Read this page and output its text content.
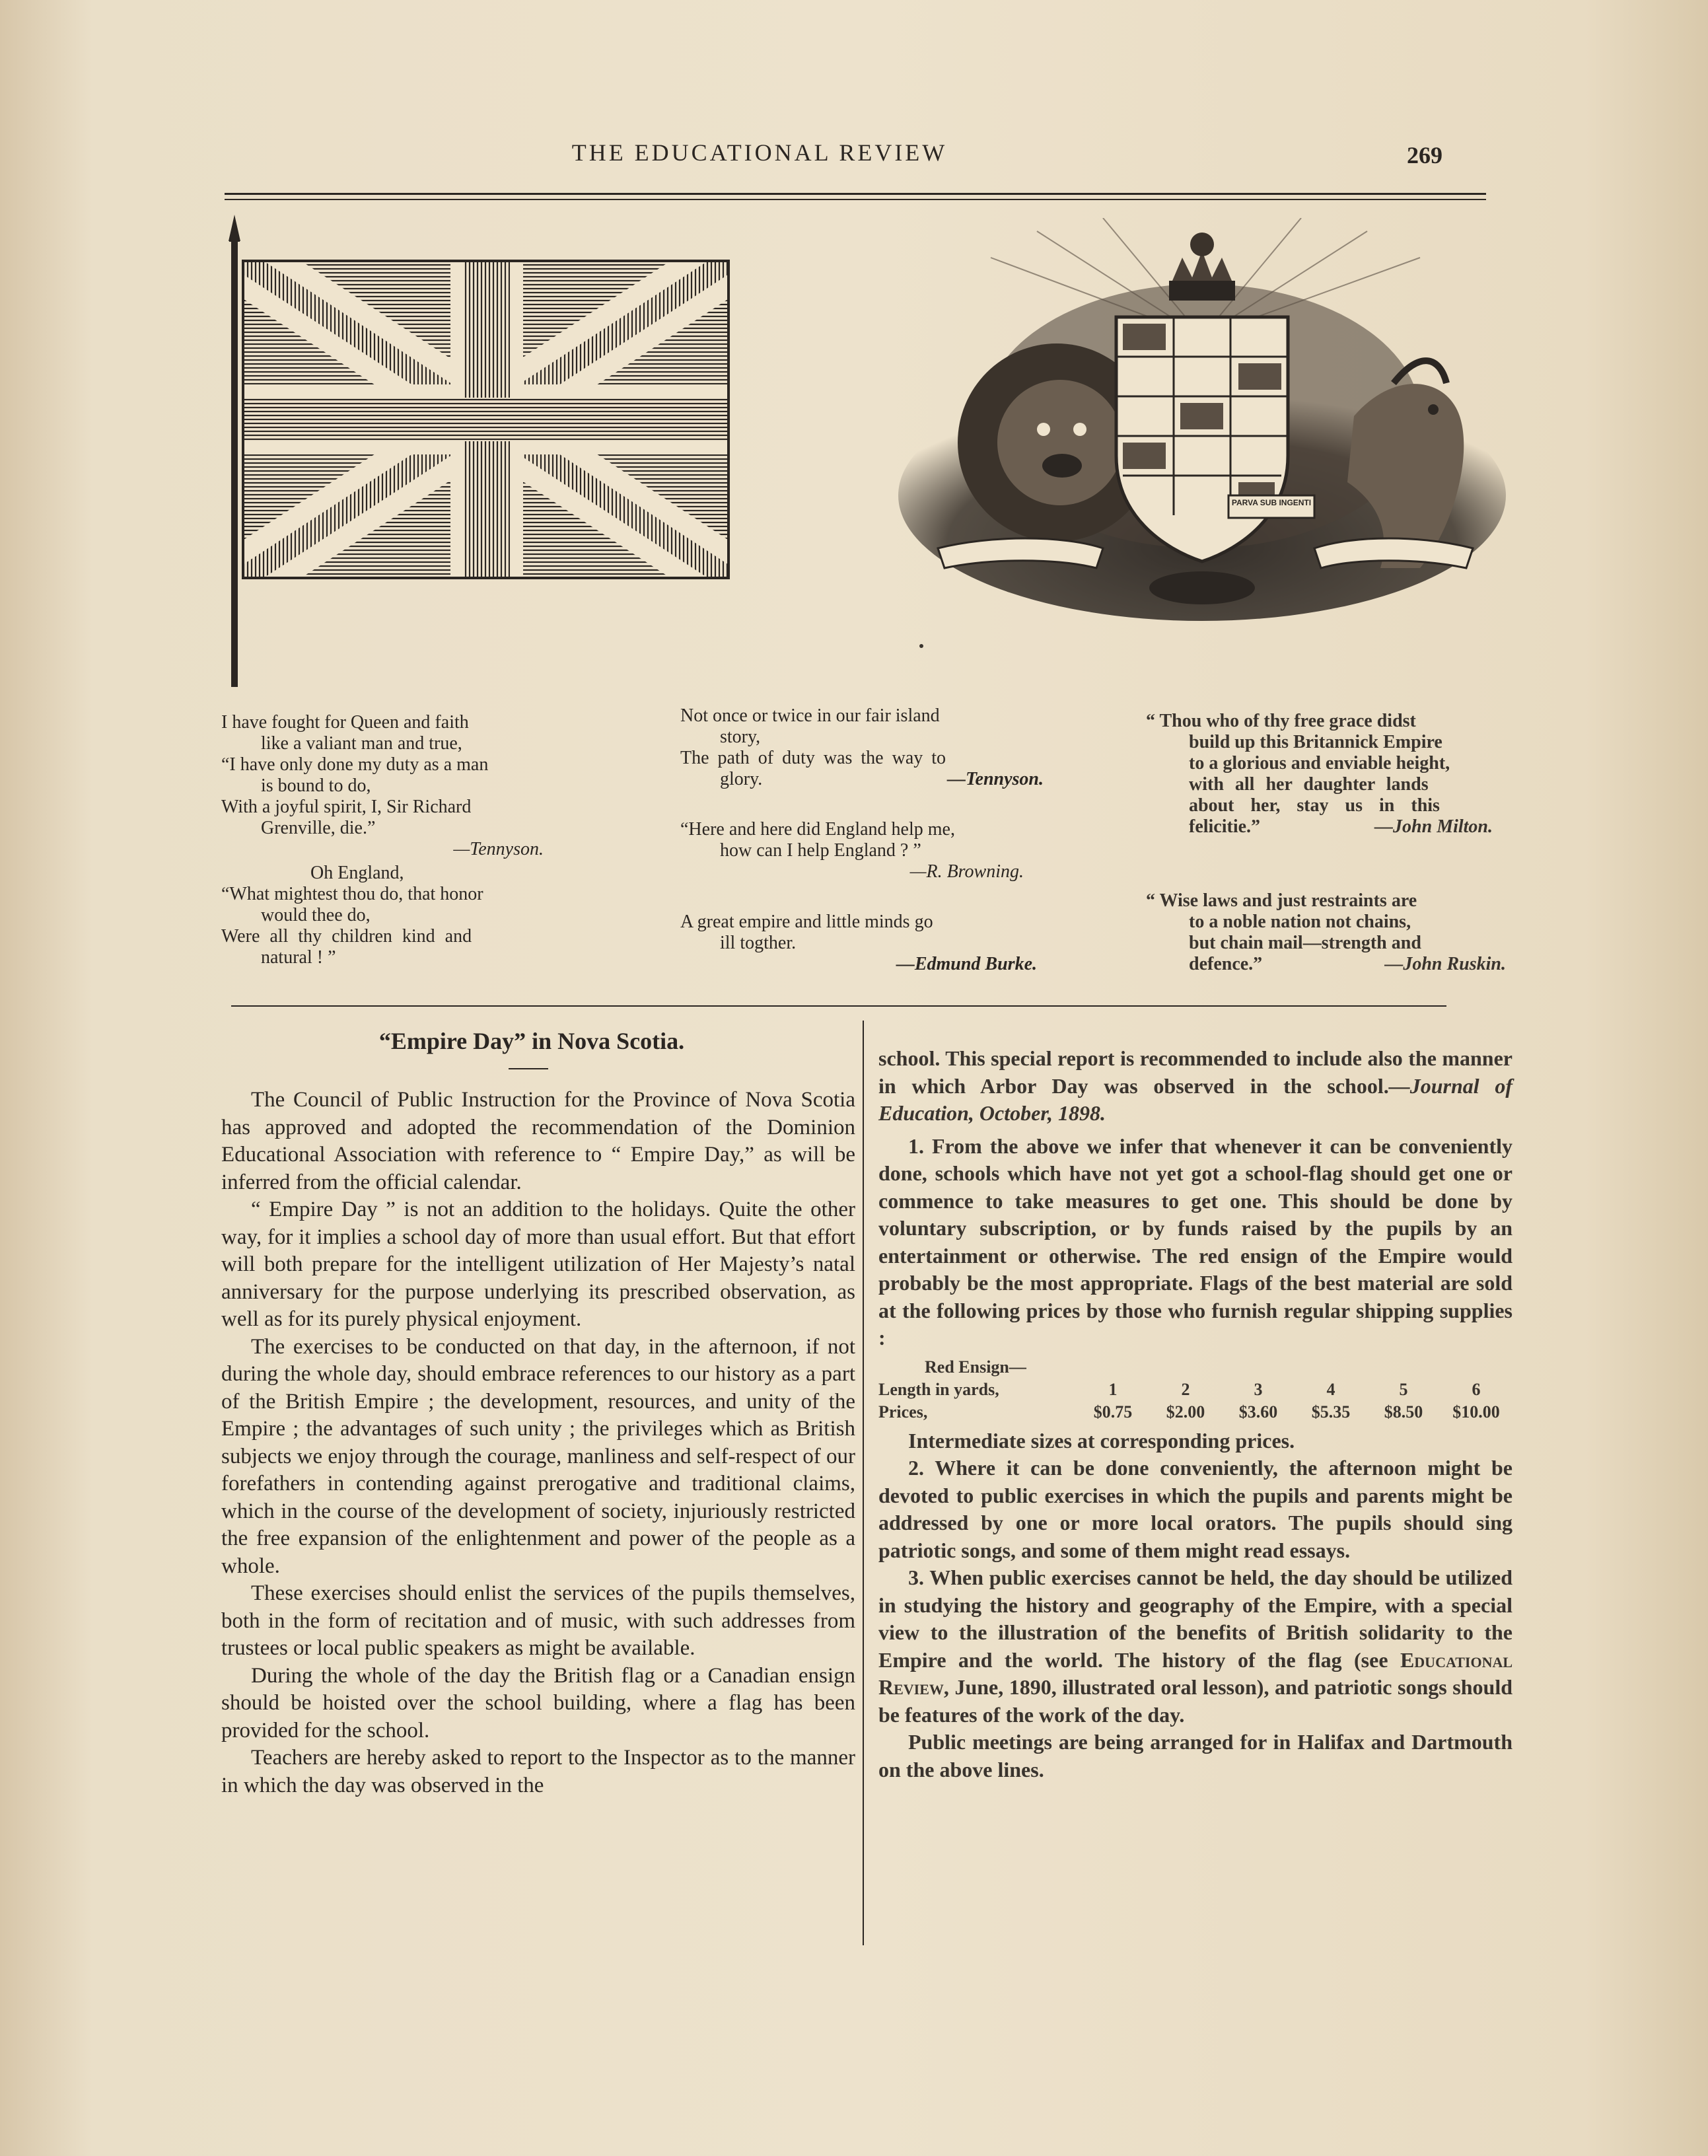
THE EDUCATIONAL REVIEW	269
PARVA SUB INGENTI
I have fought for Queen and faith
like a valiant man and true,
“I have only done my duty as a man
is bound to do,
With a joyful spirit, I, Sir Richard
Grenville, die.”
—Tennyson.
Oh England,
“What mightest thou do, that honor
would thee do,
Were all thy children kind and
natural ! ”
Not once or twice in our fair island
story,
The path of duty was the way to
glory.	—Tennyson.
“Here and here did England help me,
how can I help England ? ”
—R. Browning.
A great empire and little minds go
ill togther.
—Edmund Burke.
“ Thou who of thy free grace didst
build up this Britannick Empire
to a glorious and enviable height,
with all her daughter lands
about her, stay us in this
felicitie.”	—John Milton.
“ Wise laws and just restraints are
to a noble nation not chains,
but chain mail—strength and
defence.”	—John Ruskin.
“Empire Day” in Nova Scotia.

The Council of Public Instruction for the Province of Nova Scotia has approved and adopted the recommendation of the Dominion Educational Association with reference to “ Empire Day,” as will be inferred from the official calendar.

“ Empire Day ” is not an addition to the holidays. Quite the other way, for it implies a school day of more than usual effort. But that effort will both prepare for the intelligent utilization of Her Majesty’s natal anniversary for the purpose underlying its prescribed observation, as well as for its purely physical enjoyment.

The exercises to be conducted on that day, in the afternoon, if not during the whole day, should embrace references to our history as a part of the British Empire ; the development, resources, and unity of the Empire ; the advantages of such unity ; the privileges which as British subjects we enjoy through the courage, manliness and self-respect of our forefathers in contending against prerogative and traditional claims, which in the course of the development of society, injuriously restricted the free expansion of the enlightenment and power of the people as a whole.

These exercises should enlist the services of the pupils themselves, both in the form of recitation and of music, with such addresses from trustees or local public speakers as might be available.

During the whole of the day the British flag or a Canadian ensign should be hoisted over the school building, where a flag has been provided for the school.

Teachers are hereby asked to report to the Inspector as to the manner in which the day was observed in the

school. This special report is recommended to include also the manner in which Arbor Day was observed in the school.—Journal of Education, October, 1898.

1. From the above we infer that whenever it can be conveniently done, schools which have not yet got a school-flag should get one or commence to take measures to get one. This should be done by voluntary subscription, or by funds raised by the pupils by an entertainment or otherwise. The red ensign of the Empire would probably be the most appropriate. Flags of the best material are sold at the following prices by those who furnish regular shipping supplies :

Red Ensign—
Length in yards,	1	2	3	4	5	6
Prices,	$0.75	$2.00	$3.60	$5.35	$8.50	$10.00

Intermediate sizes at corresponding prices.

2. Where it can be done conveniently, the afternoon might be devoted to public exercises in which the pupils and parents might be addressed by one or more local orators. The pupils should sing patriotic songs, and some of them might read essays.

3. When public exercises cannot be held, the day should be utilized in studying the history and geography of the Empire, with a special view to the illustration of the benefits of British solidarity to the Empire and the world. The history of the flag (see Educational Review, June, 1890, illustrated oral lesson), and patriotic songs should be features of the work of the day.

Public meetings are being arranged for in Halifax and Dartmouth on the above lines.
